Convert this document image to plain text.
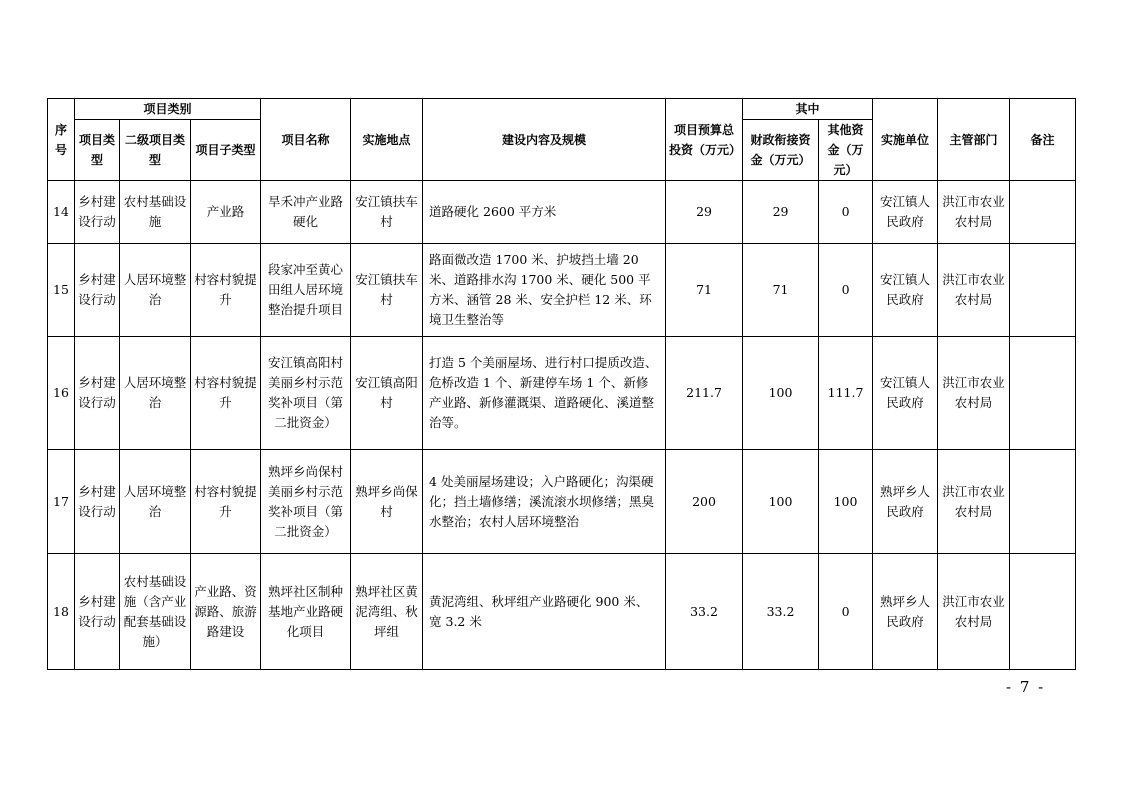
序号	项目类别			项目名称	实施地点	建设内容及规模	项目预算总投资（万元）	其中		实施单位	主管部门	备注

	项目类型	二级项目类型	项目子类型					财政衔接资金（万元）	其他资金（万元）			

14	乡村建设行动	农村基础设施	产业路	旱禾冲产业路硬化	安江镇扶车村	道路硬化 2600 平方米	29	29	0	安江镇人民政府	洪江市农业农村局	

15	乡村建设行动	人居环境整治	村容村貌提升	段家冲至黄心田组人居环境整治提升项目	安江镇扶车村	路面微改造 1700 米、护坡挡土墙 20 米、道路排水沟 1700 米、硬化 500 平方米、涵管 28 米、安全护栏 12 米、环境卫生整治等	71	71	0	安江镇人民政府	洪江市农业农村局	

16	乡村建设行动	人居环境整治	村容村貌提升	安江镇高阳村美丽乡村示范奖补项目（第二批资金）	安江镇高阳村	打造 5 个美丽屋场、进行村口提质改造、危桥改造 1 个、新建停车场 1 个、新修产业路、新修灌溉渠、道路硬化、溪道整治等。	211.7	100	111.7	安江镇人民政府	洪江市农业农村局	

17	乡村建设行动	人居环境整治	村容村貌提升	熟坪乡尚保村美丽乡村示范奖补项目（第二批资金）	熟坪乡尚保村	4 处美丽屋场建设；入户路硬化；沟渠硬化；挡土墙修缮；溪流滚水坝修缮；黑臭水整治；农村人居环境整治	200	100	100	熟坪乡人民政府	洪江市农业农村局	

18	乡村建设行动	农村基础设施（含产业配套基础设施）	产业路、资源路、旅游路建设	熟坪社区制种基地产业路硬化项目	熟坪社区黄泥湾组、秋坪组	黄泥湾组、秋坪组产业路硬化 900 米、宽 3.2 米	33.2	33.2	0	熟坪乡人民政府	洪江市农业农村局	

- 7 -
